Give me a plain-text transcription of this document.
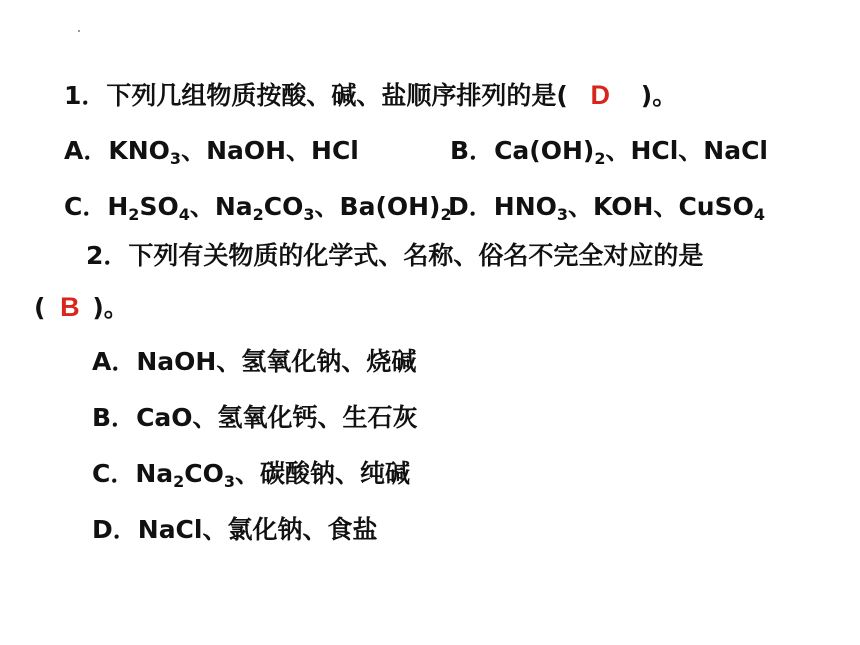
1．下列几组物质按酸、碱、盐顺序排列的是( D )。
A．$KNO_3$、NaOH、HCl	B．$Ca(OH)_2$、HCl、NaCl
C．$H_2SO_4$、$Na_2CO_3$、$Ba(OH)_2$
D．$HNO_3$、KOH、CuSO$_4$
2．下列有关物质的化学式、名称、俗名不完全对应的是
( B )。
A．NaOH、氢氧化钠、烧碱
B．CaO、氢氧化钙、生石灰
C．$Na_2CO_3$、碳酸钠、纯碱
D．NaCl、氯化钠、食盐
